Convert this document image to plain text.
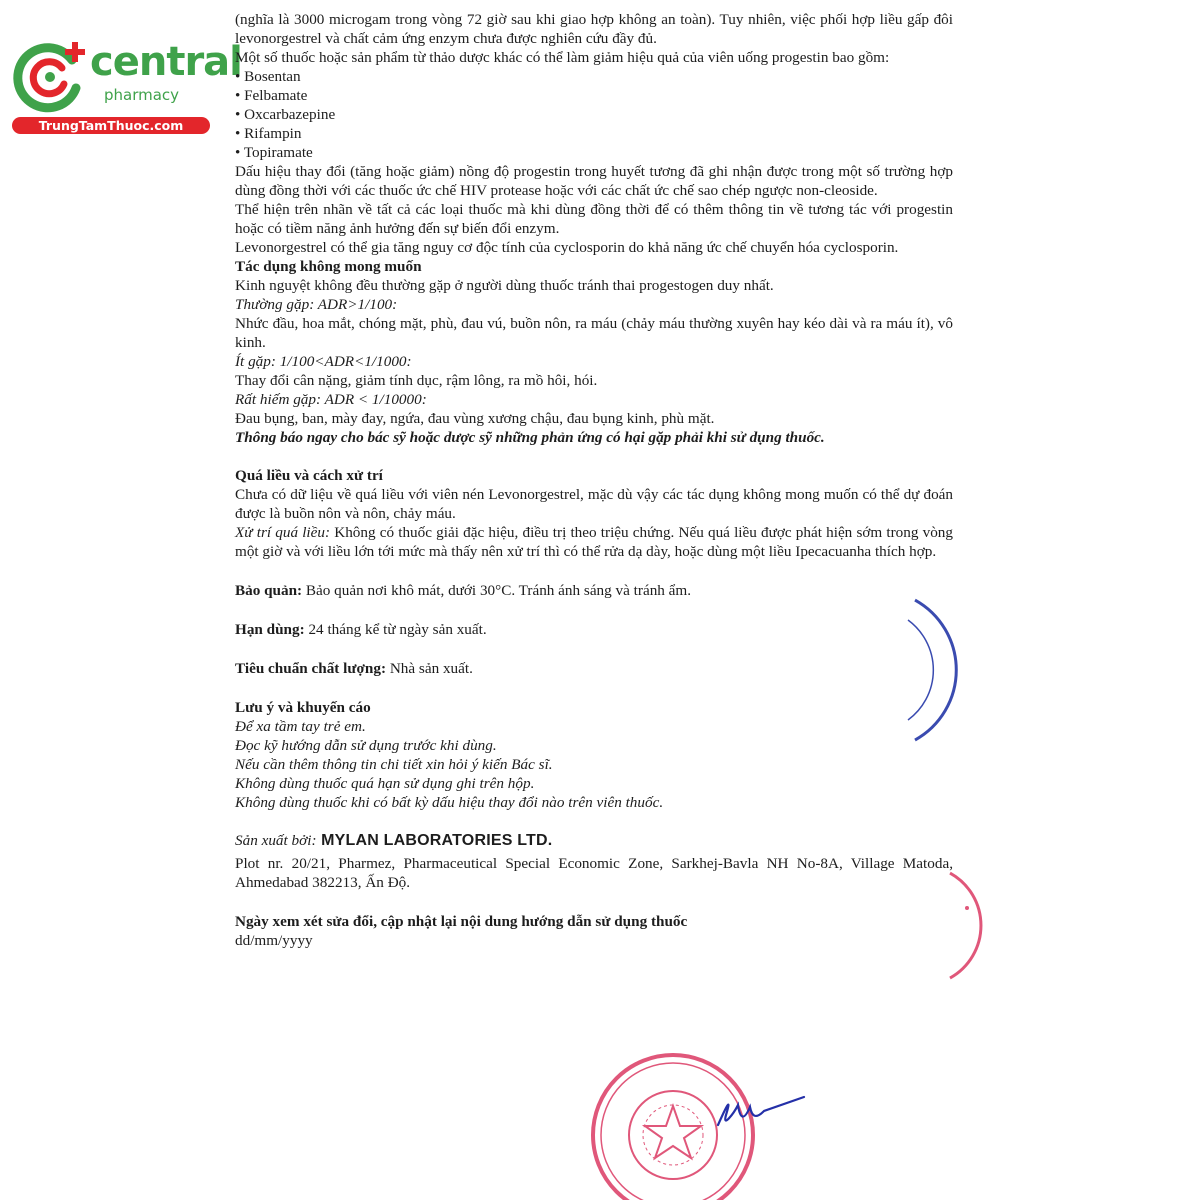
central
pharmacy
TrungTamThuoc.com

(nghĩa là 3000 microgam trong vòng 72 giờ sau khi giao hợp không an toàn). Tuy nhiên, việc phối hợp liều gấp đôi levonorgestrel và chất cảm ứng enzym chưa được nghiên cứu đầy đủ.

Một số thuốc hoặc sản phẩm từ thảo dược khác có thể làm giảm hiệu quả của viên uống progestin bao gồm:

• Bosentan
• Felbamate
• Oxcarbazepine
• Rifampin
• Topiramate

Dấu hiệu thay đổi (tăng hoặc giảm) nồng độ progestin trong huyết tương đã ghi nhận được trong một số trường hợp dùng đồng thời với các thuốc ức chế HIV protease hoặc với các chất ức chế sao chép ngược non-cleoside.

Thể hiện trên nhãn về tất cả các loại thuốc mà khi dùng đồng thời để có thêm thông tin về tương tác với progestin hoặc có tiềm năng ảnh hưởng đến sự biến đổi enzym.

Levonorgestrel có thể gia tăng nguy cơ độc tính của cyclosporin do khả năng ức chế chuyển hóa cyclosporin.

Tác dụng không mong muốn

Kinh nguyệt không đều thường gặp ở người dùng thuốc tránh thai progestogen duy nhất.

Thường gặp: ADR>1/100:

Nhức đầu, hoa mắt, chóng mặt, phù, đau vú, buồn nôn, ra máu (chảy máu thường xuyên hay kéo dài và ra máu ít), vô kinh.

Ít gặp: 1/100<ADR<1/1000:

Thay đổi cân nặng, giảm tính dục, rậm lông, ra mồ hôi, hói.

Rất hiếm gặp: ADR < 1/10000:

Đau bụng, ban, mày đay, ngứa, đau vùng xương chậu, đau bụng kinh, phù mặt.

Thông báo ngay cho bác sỹ hoặc dược sỹ những phản ứng có hại gặp phải khi sử dụng thuốc.

Quá liều và cách xử trí

Chưa có dữ liệu về quá liều với viên nén Levonorgestrel, mặc dù vậy các tác dụng không mong muốn có thể dự đoán được là buồn nôn và nôn, chảy máu.

Xử trí quá liều: Không có thuốc giải đặc hiệu, điều trị theo triệu chứng. Nếu quá liều được phát hiện sớm trong vòng một giờ và với liều lớn tới mức mà thấy nên xử trí thì có thể rửa dạ dày, hoặc dùng một liều Ipecacuanha thích hợp.

Bảo quản: Bảo quản nơi khô mát, dưới 30°C. Tránh ánh sáng và tránh ẩm.

Hạn dùng: 24 tháng kể từ ngày sản xuất.

Tiêu chuẩn chất lượng: Nhà sản xuất.

Lưu ý và khuyến cáo

Để xa tầm tay trẻ em.

Đọc kỹ hướng dẫn sử dụng trước khi dùng.

Nếu cần thêm thông tin chi tiết xin hỏi ý kiến Bác sĩ.

Không dùng thuốc quá hạn sử dụng ghi trên hộp.

Không dùng thuốc khi có bất kỳ dấu hiệu thay đổi nào trên viên thuốc.

Sản xuất bởi: MYLAN LABORATORIES LTD.

Plot nr. 20/21, Pharmez, Pharmaceutical Special Economic Zone, Sarkhej-Bavla NH No-8A, Village Matoda, Ahmedabad 382213, Ấn Độ.

Ngày xem xét sửa đổi, cập nhật lại nội dung hướng dẫn sử dụng thuốc

dd/mm/yyyy
